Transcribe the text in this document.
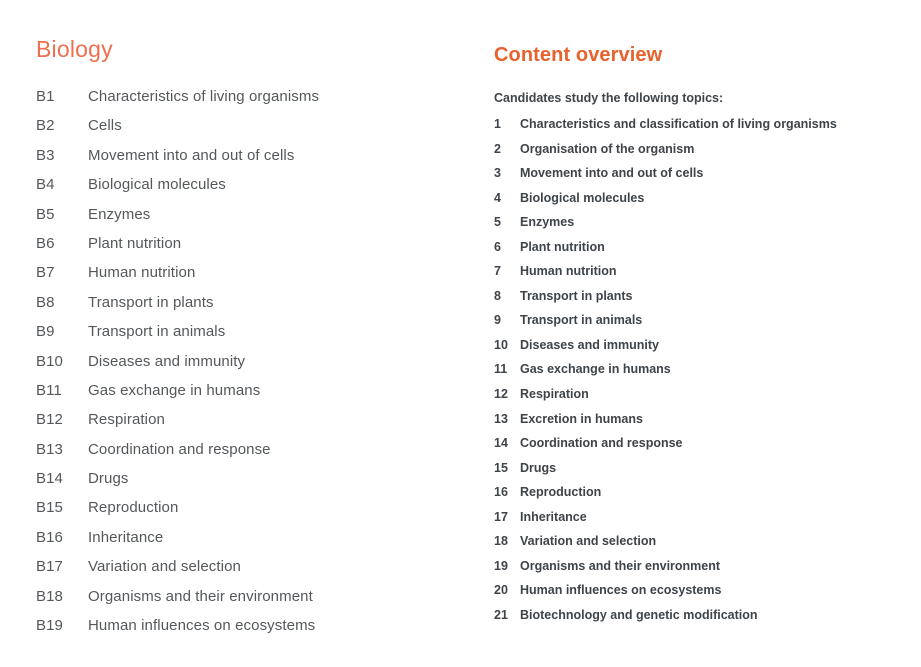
Biology
B1	Characteristics of living organisms
B2	Cells
B3	Movement into and out of cells
B4	Biological molecules
B5	Enzymes
B6	Plant nutrition
B7	Human nutrition
B8	Transport in plants
B9	Transport in animals
B10	Diseases and immunity
B11	Gas exchange in humans
B12	Respiration
B13	Coordination and response
B14	Drugs
B15	Reproduction
B16	Inheritance
B17	Variation and selection
B18	Organisms and their environment
B19	Human influences on ecosystems
Content overview

Candidates study the following topics:

1	Characteristics and classification of living organisms
2	Organisation of the organism
3	Movement into and out of cells
4	Biological molecules
5	Enzymes
6	Plant nutrition
7	Human nutrition
8	Transport in plants
9	Transport in animals
10 Diseases and immunity
11	Gas exchange in humans
12 Respiration
13 Excretion in humans
14 Coordination and response
15 Drugs
16 Reproduction
17 Inheritance
18 Variation and selection
19 Organisms and their environment
20 Human influences on ecosystems
21 Biotechnology and genetic modification
